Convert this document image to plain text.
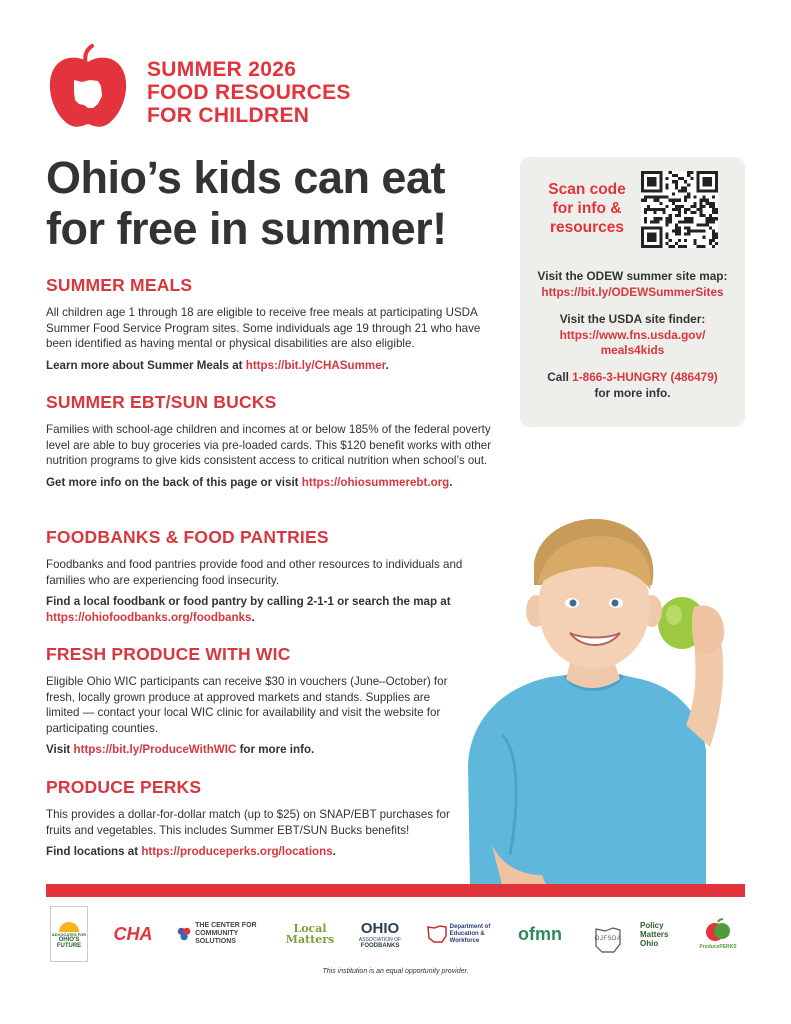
SUMMER 2026
FOOD RESOURCES
FOR CHILDREN
Ohio’s kids can eat
for free in summer!
SUMMER MEALS

All children age 1 through 18 are eligible to receive free meals at participating USDA Summer Food Service Program sites. Some individuals age 19 through 21 who have been identified as having mental or physical disabilities are also eligible.

Learn more about Summer Meals at https://bit.ly/CHASummer.

SUMMER EBT/SUN BUCKS

Families with school-age children and incomes at or below 185% of the federal poverty level are able to buy groceries via pre-loaded cards. This $120 benefit works with other nutrition programs to give kids consistent access to critical nutrition when school’s out.

Get more info on the back of this page or visit https://ohiosummerebt.org.

FOODBANKS & FOOD PANTRIES

Foodbanks and food pantries provide food and other resources to individuals and families who are experiencing food insecurity.

Find a local foodbank or food pantry by calling 2-1-1 or search the map at https://ohiofoodbanks.org/foodbanks.

FRESH PRODUCE WITH WIC

Eligible Ohio WIC participants can receive $30 in vouchers (June–October) for fresh, locally grown produce at approved markets and stands. Supplies are limited — contact your local WIC clinic for availability and visit the website for participating counties.

Visit https://bit.ly/ProduceWithWIC for more info.

PRODUCE PERKS

This provides a dollar-for-dollar match (up to $25) on SNAP/EBT purchases for fruits and vegetables. This includes Summer EBT/SUN Bucks benefits!

Find locations at https://produceperks.org/locations.

Scan code
for info &
resources
Visit the ODEW summer site map:
https://bit.ly/ODEWSummerSites
Visit the USDA site finder:
https://www.fns.usda.gov/
meals4kids
Call 1-866-3-HUNGRY (486479)
for more info.
ADVOCATES FOR
OHIO'S
FUTURE
CHA	THE CENTER FOR
COMMUNITY SOLUTIONS
Local
Matters
OHIO
ASSOCIATION OF
FOODBANKS
Department of
Education &
Workforce	ofmn	OJFSDA
Policy
Matters
Ohio	ProducePERKS
This institution is an equal opportunity provider.
